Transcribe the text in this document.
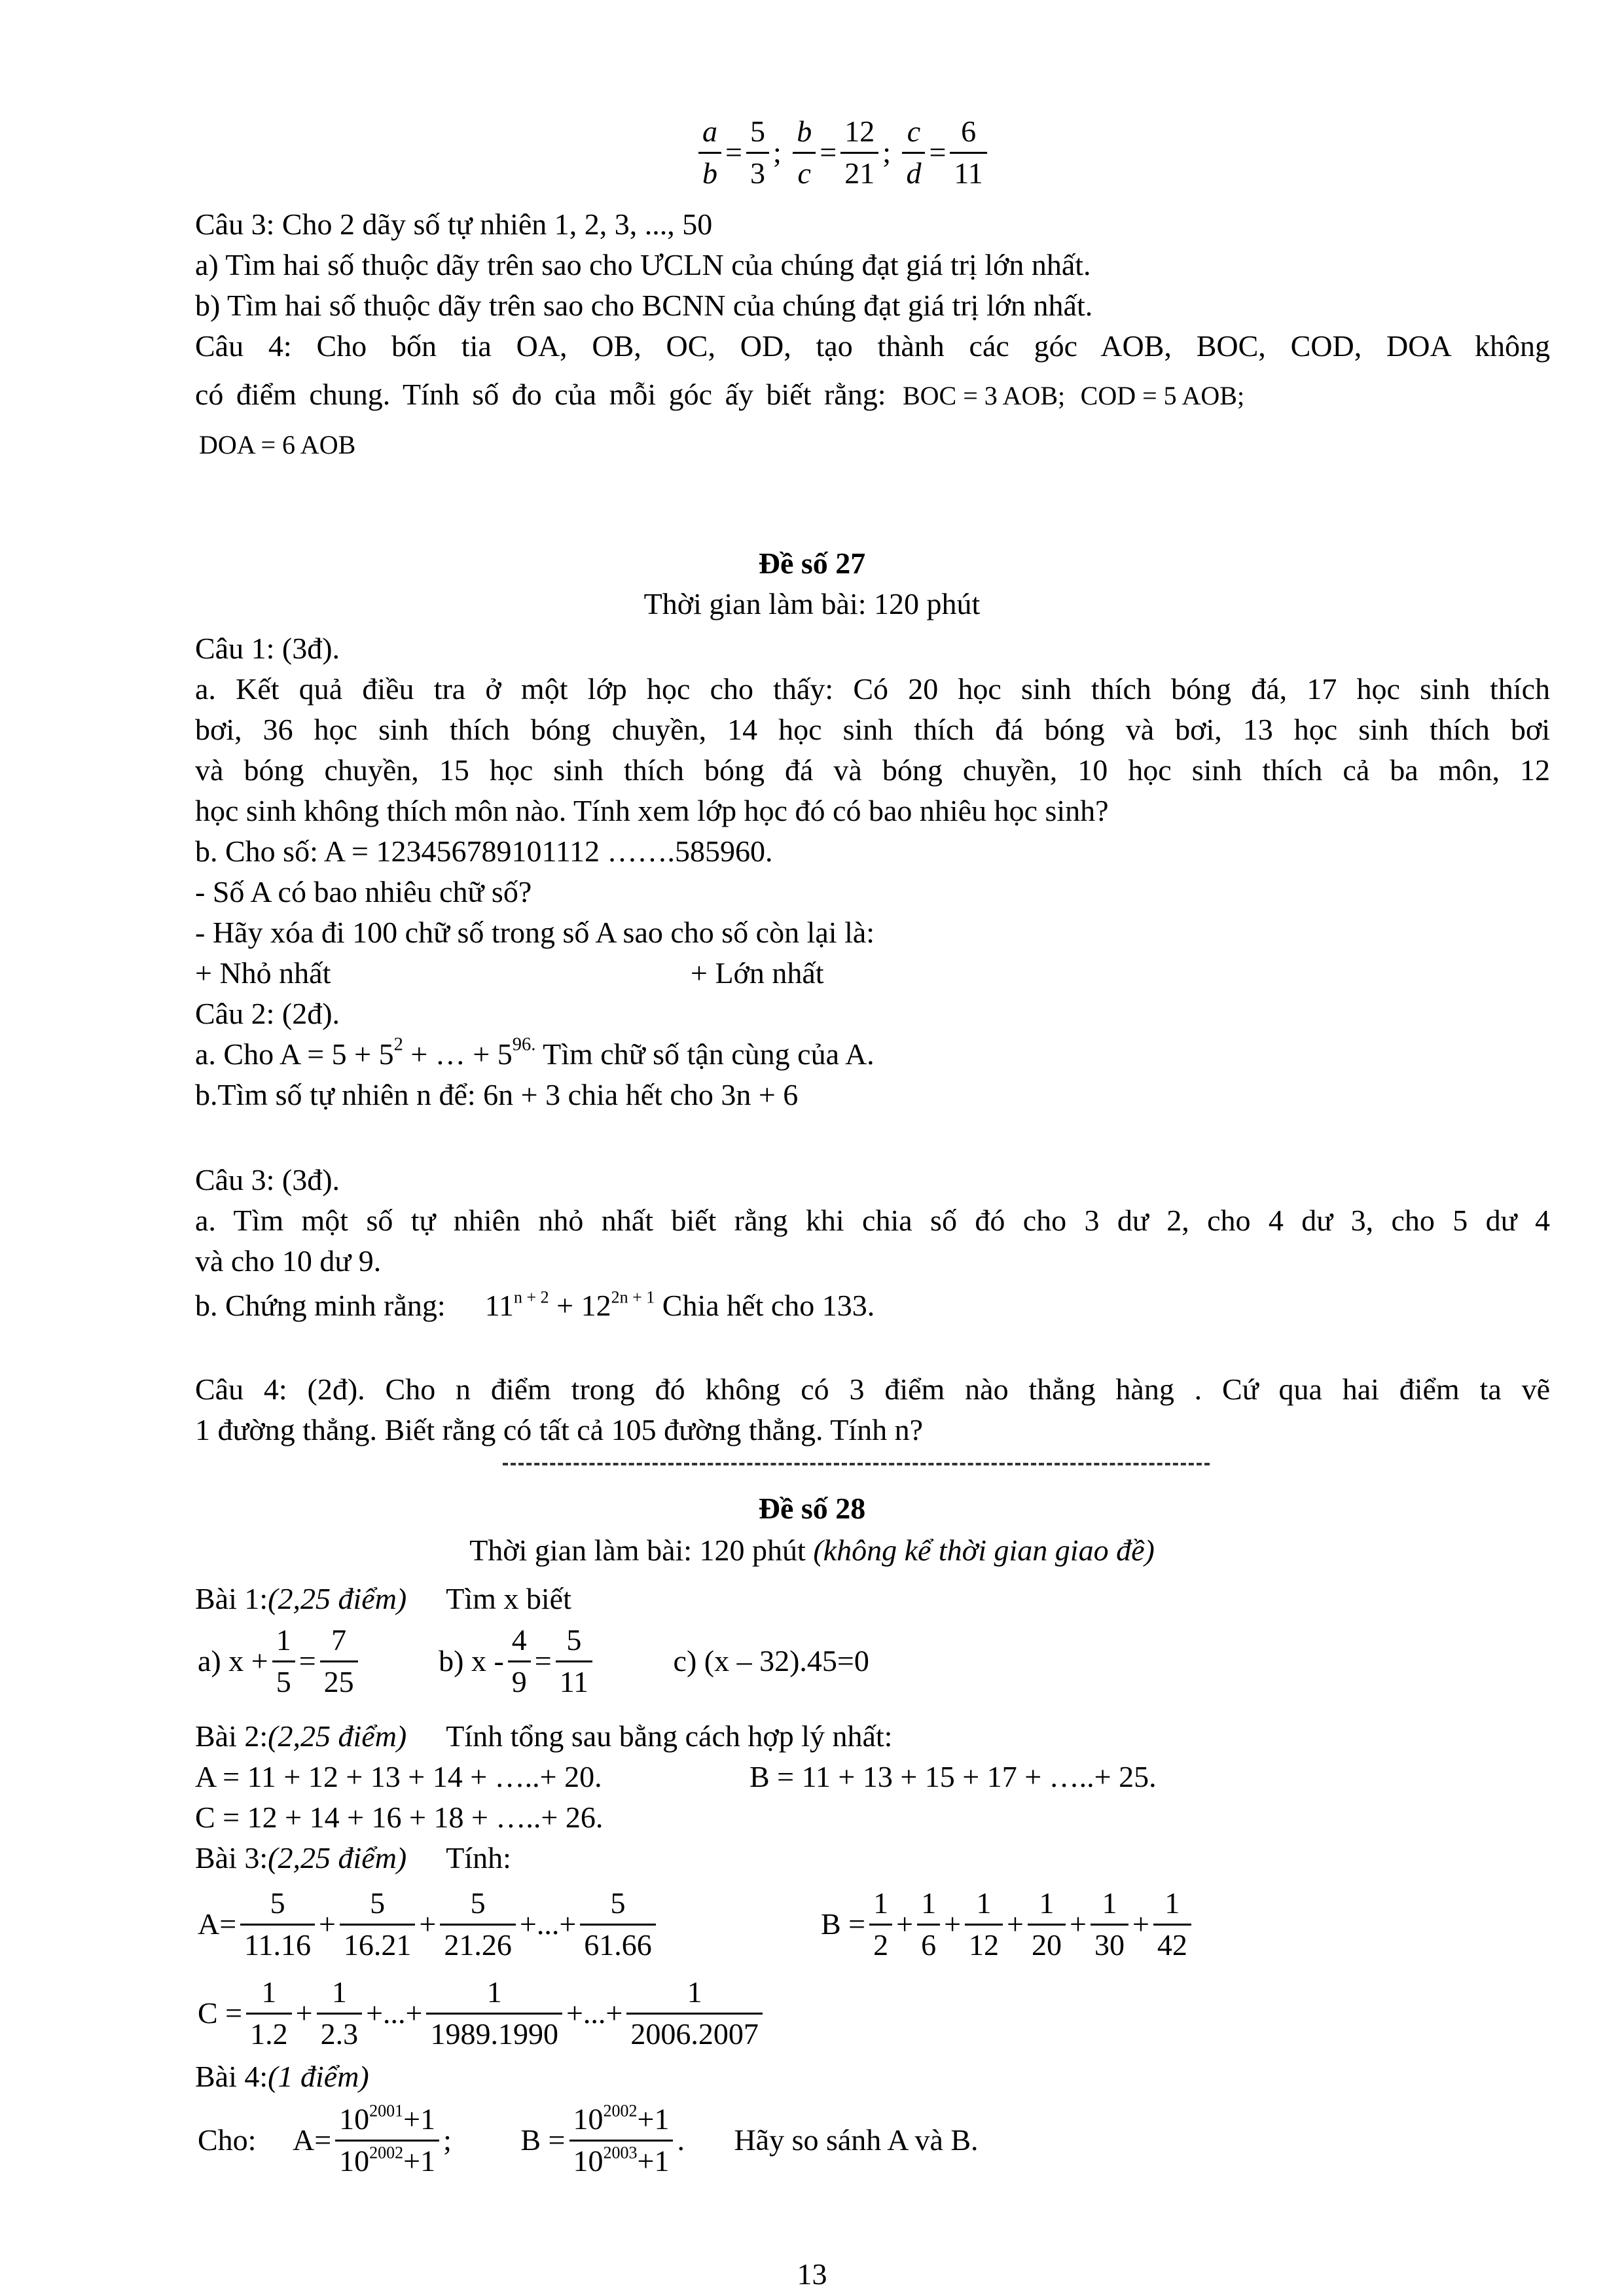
$\frac{a}{b} = \frac{5}{3}$ ; $\frac{b}{c} = \frac{12}{21}$ ; $\frac{c}{d} = \frac{6}{11}$
Câu 3: Cho 2 dãy số tự nhiên 1, 2, 3, ..., 50
a) Tìm hai số thuộc dãy trên sao cho ƯCLN của chúng đạt giá trị lớn nhất.
b) Tìm hai số thuộc dãy trên sao cho BCNN của chúng đạt giá trị lớn nhất.
Câu 4: Cho bốn tia OA, OB, OC, OD, tạo thành các góc AOB, BOC, COD, DOA không
có điểm chung. Tính số đo của mỗi góc ấy biết rằng: BOC = 3 AOB; COD = 5 AOB;
DOA = 6 AOB
Đề số 27
Thời gian làm bài: 120 phút
Câu 1: (3đ).
a. Kết quả điều tra ở một lớp học cho thấy: Có 20 học sinh thích bóng đá, 17 học sinh thích
bơi, 36 học sinh thích bóng chuyền, 14 học sinh thích đá bóng và bơi, 13 học sinh thích bơi
và bóng chuyền, 15 học sinh thích bóng đá và bóng chuyền, 10 học sinh thích cả ba môn, 12
học sinh không thích môn nào. Tính xem lớp học đó có bao nhiêu học sinh?
b. Cho số: A = 123456789101112 …….585960.
- Số A có bao nhiêu chữ số?
- Hãy xóa đi 100 chữ số trong số A sao cho số còn lại là:
+ Nhỏ nhất	+ Lớn nhất
Câu 2: (2đ).
a. Cho $A = 5 + 5^2$ + … + $5^{96.}$ Tìm chữ số tận cùng của A.
b.Tìm số tự nhiên n để: 6n + 3 chia hết cho 3n + 6
Câu 3: (3đ).
a. Tìm một số tự nhiên nhỏ nhất biết rằng khi chia số đó cho 3 dư 2, cho 4 dư 3, cho 5 dư 4
và cho 10 dư 9.
b. Chứng minh rằng: $11^{n + 2} + 12^{2n + 1}$ Chia hết cho 133.
Câu 4: (2đ). Cho n điểm trong đó không có 3 điểm nào thẳng hàng . Cứ qua hai điểm ta vẽ
1 đường thẳng. Biết rằng có tất cả 105 đường thẳng. Tính n?
Đề số 28
Thời gian làm bài: 120 phút (không kể thời gian giao đề)
Bài 1:(2,25 điểm) Tìm x biết
a) $x + \frac{1}{5} = \frac{7}{25}$	b) $x - \frac{4}{9} = \frac{5}{11}$	c) (x – 32).45=0
Bài 2:(2,25 điểm) Tính tổng sau bằng cách hợp lý nhất:
A = 11 + 12 + 13 + 14 + …..+ 20.	B = 11 + 13 + 15 + 17 + …..+ 25.
C = 12 + 14 + 16 + 18 + …..+ 26.
Bài 3:(2,25 điểm) Tính:
$A= \frac{5}{11.16} + \frac{5}{16.21} + \frac{5}{21.26}$ +...+ $\frac{5}{61.66}$	$B = \frac{1}{2} + \frac{1}{6} + \frac{1}{12} + \frac{1}{20} + \frac{1}{30} + \frac{1}{42}$
$C = \frac{1}{1.2} + \frac{1}{2.3}$ +...+ $\frac{1}{1989.1990}$ +...+ $\frac{1}{2006.2007}$
Bài 4:(1 điểm)
Cho: $A= \frac{10^{2001}+1}{10^{2002}+1}$ ; $B = \frac{10^{2002}+1}{10^{2003}+1}$ . Hãy so sánh A và B.
13
